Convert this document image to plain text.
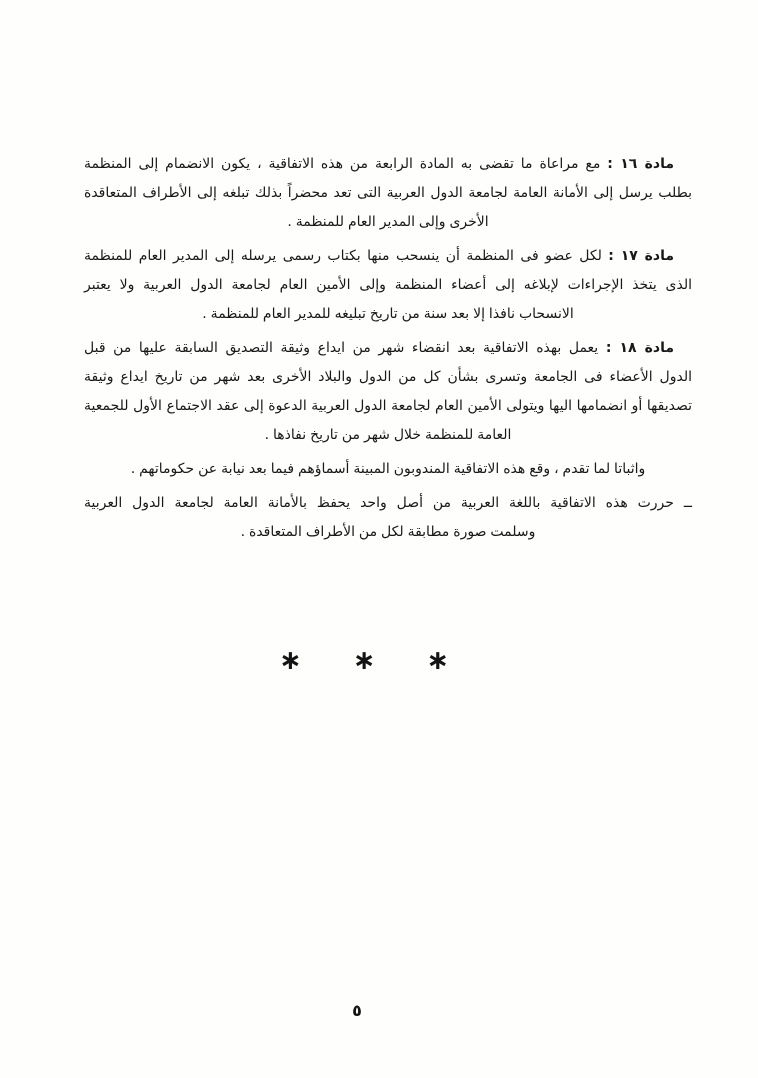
مادة ١٦ : مع مراعاة ما تقضى به المادة الرابعة من هذه الاتفاقية ، يكون الانضمام إلى المنظمة
بطلب يرسل إلى الأمانة العامة لجامعة الدول العربية التى تعد محضراً بذلك تبلغه إلى الأطراف المتعاقدة
الأخرى وإلى المدير العام للمنظمة .
مادة ١٧ : لكل عضو فى المنظمة أن ينسحب منها بكتاب رسمى يرسله إلى المدير العام للمنظمة
الذى يتخذ الإجراءات لإبلاغه إلى أعضاء المنظمة وإلى الأمين العام لجامعة الدول العربية ولا يعتبر
الانسحاب نافذا إلا بعد سنة من تاريخ تبليغه للمدير العام للمنظمة .
مادة ١٨ : يعمل بهذه الاتفاقية بعد انقضاء شهر من ايداع وثيقة التصديق السابقة عليها من قبل
الدول الأعضاء فى الجامعة وتسرى بشأن كل من الدول والبلاد الأخرى بعد شهر من تاريخ ايداع وثيقة
تصديقها أو انضمامها اليها ويتولى الأمين العام لجامعة الدول العربية الدعوة إلى عقد الاجتماع الأول للجمعية
العامة للمنظمة خلال شهر من تاريخ نفاذها .
واثباتا لما تقدم ، وقع هذه الاتفاقية المندوبون المبينة أسماؤهم فيما بعد نيابة عن حكوماتهم .
ــ حررت هذه الاتفاقية باللغة العربية من أصل واحد يحفظ بالأمانة العامة لجامعة الدول العربية
وسلمت صورة مطابقة لكل من الأطراف المتعاقدة .
∗ ∗ ∗
٥
